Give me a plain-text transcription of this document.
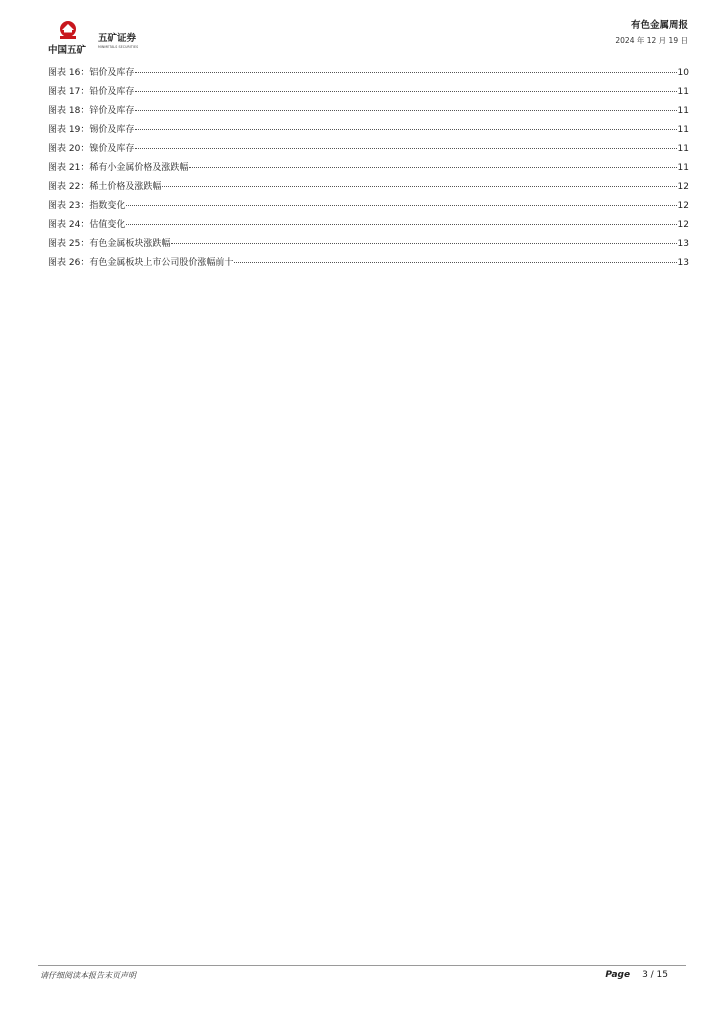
中国五矿
五矿证券
MINMETALS SECURITIES
有色金属周报
2024 年 12 月 19 日
图表 16： 铝价及库存	10
图表 17： 铅价及库存	11
图表 18： 锌价及库存	11
图表 19： 锡价及库存	11
图表 20： 镍价及库存	11
图表 21： 稀有小金属价格及涨跌幅	11
图表 22： 稀土价格及涨跌幅	12
图表 23： 指数变化	12
图表 24： 估值变化	12
图表 25： 有色金属板块涨跌幅	13
图表 26： 有色金属板块上市公司股价涨幅前十	13
请仔细阅读本报告末页声明	Page 3 / 15
